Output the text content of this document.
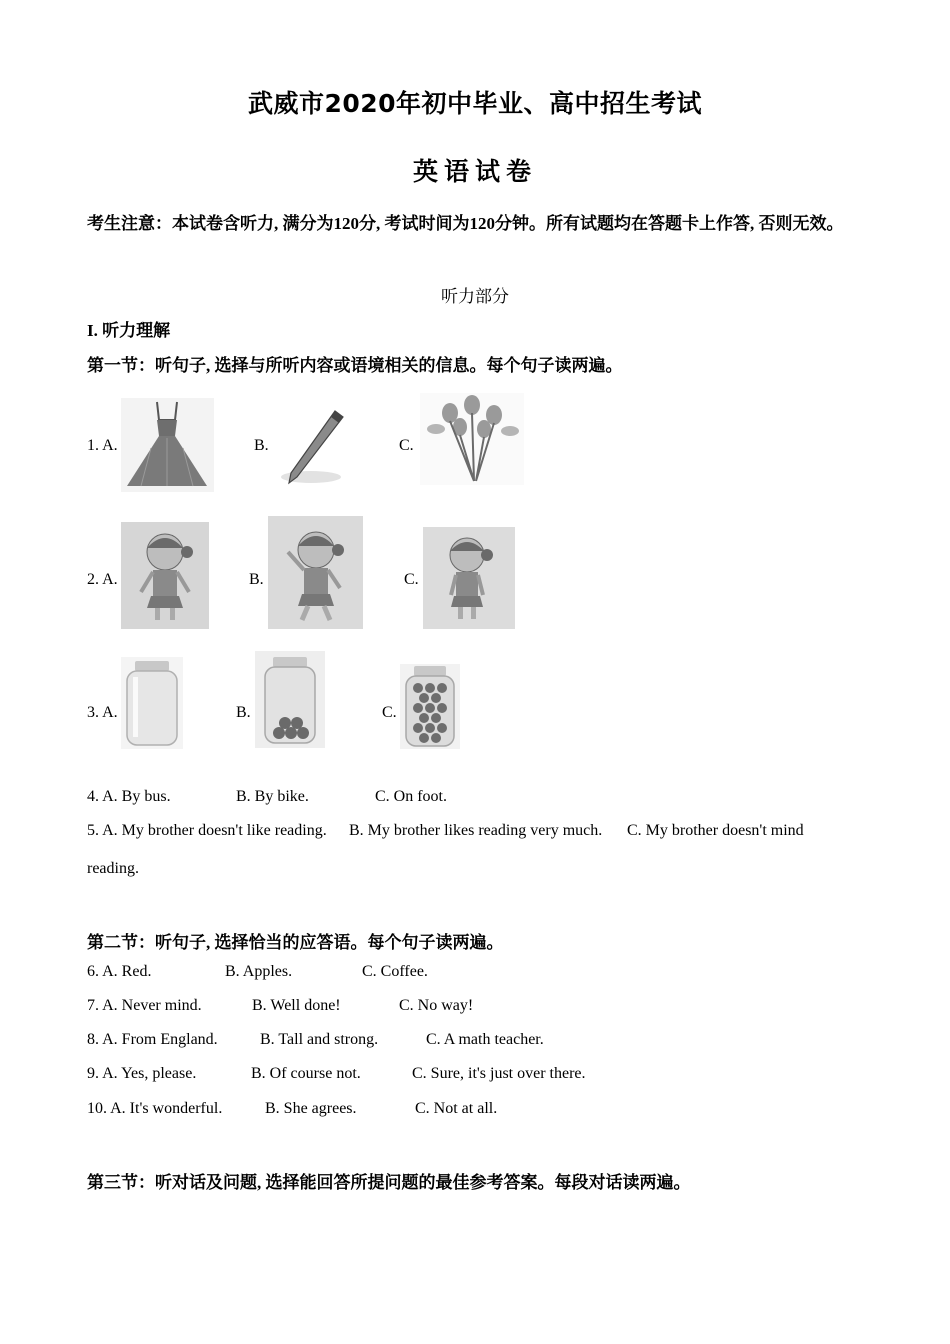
武威市2020年初中毕业、高中招生考试
英语试卷
考生注意：本试卷含听力, 满分为120分, 考试时间为120分钟。所有试题均在答题卡上作答, 否则无效。
听力部分
I. 听力理解
第一节：听句子, 选择与所听内容或语境相关的信息。每个句子读两遍。
1. A.	B.	C.
2. A.	B.	C.
3. A.	B.	C.
4. A. By bus.	B. By bike.	C. On foot.
5. A. My brother doesn't like reading. B. My brother likes reading very much. C. My brother doesn't mind
reading.
第二节：听句子, 选择恰当的应答语。每个句子读两遍。
6. A. Red.	B. Apples.	C. Coffee.
7. A. Never mind.	B. Well done!	C. No way!
8. A. From England.	B. Tall and strong.	C. A math teacher.
9. A. Yes, please.	B. Of course not.	C. Sure, it's just over there.
10. A. It's wonderful.	B. She agrees.	C. Not at all.
第三节：听对话及问题, 选择能回答所提问题的最佳参考答案。每段对话读两遍。
